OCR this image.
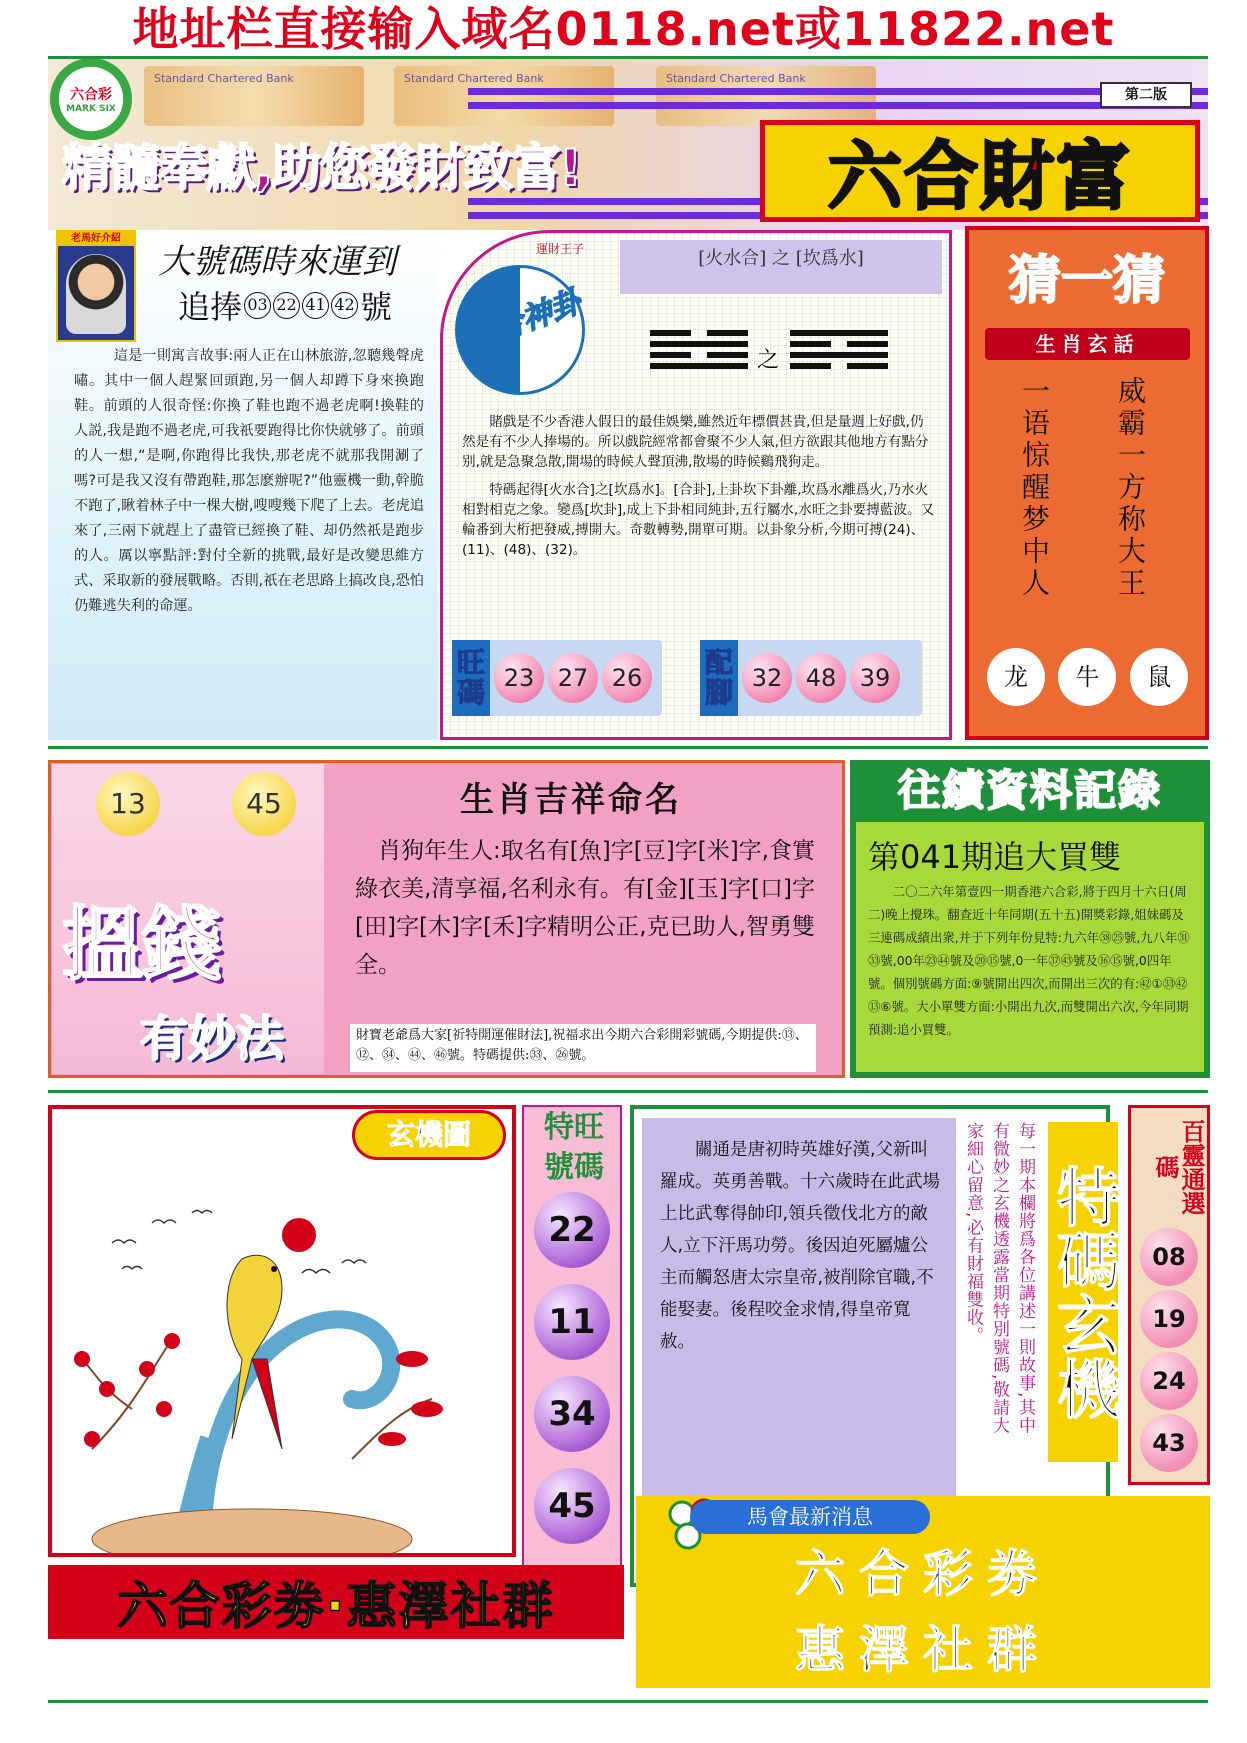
地址栏直接输入域名0118.net或11822.net
Standard Chartered Bank	Standard Chartered Bank	Standard Chartered Bank
六合彩
MARK SIX
精髓奉獻,助您發財致富!	六合財富
第二版
老馬好介紹
大號碼時來運到
追捧 03 22 41 42 號
這是一則寓言故事:兩人正在山林旅游,忽聽幾聲虎嘯。其中一個人趕緊回頭跑,另一個人却蹲下身來換跑鞋。前頭的人很奇怪:你換了鞋也跑不過老虎啊!換鞋的人説,我是跑不過老虎,可我祇要跑得比你快就够了。前頭的人一想,“是啊,你跑得比我快,那老虎不就那我開涮了嗎?可是我又沒有帶跑鞋,那怎麽辦呢?”他靈機一動,幹脆不跑了,瞅着林子中一棵大樹,嗖嗖幾下爬了上去。老虎追來了,三兩下就趕上了盡管已經換了鞋、却仍然祇是跑步的人。厲以寧點評:對付全新的挑戰,最好是改變思維方式、采取新的發展戰略。否則,祇在老思路上搞改良,恐怕仍難逃失利的命運。
[火水合] 之 [坎爲水]
運財王子
六合神卦
之

賭戲是不少香港人假日的最佳娛樂,雖然近年標價甚貴,但是量週上好戲,仍然是有不少人捧場的。所以戲院經常都會聚不少人氣,但方欲跟其他地方有點分别,就是急聚急散,開場的時候人聲頂沸,散場的時候鷄飛狗走。

特碼起得[火水合]之[坎爲水]。[合卦],上卦坎下卦離,坎爲水離爲火,乃水火相對相克之象。變爲[坎卦],成上下卦相同純卦,五行屬水,水旺之卦要搏藍波。又輪番到大桁把發威,搏開大。奇數轉勢,開單可期。以卦象分析,今期可搏(24)、(11)、(48)、(32)。

旺碼 23 27 26	配腳 32 48 39
猜一猜
生肖玄話
威霸一方称大王
一语惊醒梦中人
龙	牛	鼠
13	45
搵錢
有妙法
生肖吉祥命名
肖狗年生人:取名有[魚]字[豆]字[米]字,食實綠衣美,清享福,名利永有。有[金][玉]字[口]字[田]字[木]字[禾]字精明公正,克已助人,智勇雙全。
財寶老爺爲大家[祈特開運催財法],祝福求出今期六合彩開彩號碼,今期提供:⑬、⑫、㉞、㊹、㊻號。特碼提供:㉝、㉖號。
往績資料記錄
第041期追大買雙
二〇二六年第壹四一期香港六合彩,將于四月十六日(周二)晚上攪珠。翻查近十年同期(五十五)開獎彩錄,姐妹碼及三連碼成績出衆,并于下列年份見特:九六年㊳㉕號,九八年㉛㉝號,00年㉓㊹號及⑳⑮號,0一年㊲㊸號及⑯⑮號,0四年號。個別號碼方面:⑨號開出四次,而開出三次的有:㊷①㉝㊷⑬⑥號。大小單雙方面:小開出九次,而雙開出六次,今年同期預測:追小買雙。
玄機圖	特旺號碼
22
11
34
45
關通是唐初時英雄好漢,父新叫羅成。英勇善戰。十六歲時在此武場上比武奪得帥印,領兵徵伐北方的敵人,立下汗馬功勞。後因迫死屬爐公主而觸怒唐太宗皇帝,被削除官職,不能娶妻。後程咬金求情,得皇帝寬赦。	每一期本欄將爲各位講述一則故事,其中有微妙之玄機透露當期特別號碼,敬請大家細心留意,必有財福雙收。 特碼玄機	百靈通選碼
08
19
24
43
六合彩劵·惠澤社群
馬會最新消息
六合彩劵
惠澤社群
